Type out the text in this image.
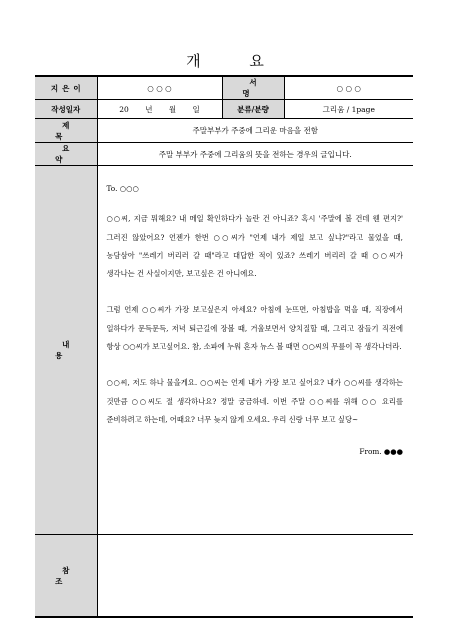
개 요
지은이	○ ○ ○	서 명	○ ○ ○
작성일자	20 년 월 일	분류/분량	그리움 / 1page
제 목	주말부부가 주중에 그리운 마음을 전함		
요 약	주말 부부가 주중에 그리움의 뜻을 전하는 경우의 글입니다.		
내 용	To. ○○○

○○씨, 지금 뭐해요? 내 메일 확인하다가 놀란 건 아니죠? 혹시 '주말에 볼 건데 웬 편지?' 그러진 않았어요? 언젠가 한번 ○○씨가 "언제 내가 제일 보고 싶냐?"라고 물었을 때, 농담삼아 "쓰레기 버리러 갈 때"라고 대답한 적이 있죠? 쓰레기 버리러 갈 때 ○○씨가 생각나는 건 사실이지만, 보고싶은 건 아니에요.

그럼 언제 ○○씨가 가장 보고싶은지 아세요? 아침에 눈뜨면, 아침밥을 먹을 때, 직장에서 일하다가 문득문득, 저녁 퇴근길에 장볼 때, 거울보면서 양치질할 때, 그리고 잠들기 직전에 항상 ○○씨가 보고싶어요. 참, 소파에 누워 혼자 뉴스 볼 때면 ○○씨의 무릎이 꼭 생각나더라.

○○씨, 저도 하나 물을게요. ○○씨는 언제 내가 가장 보고 싶어요? 내가 ○○씨를 생각하는 것만큼 ○○씨도 절 생각하나요? 정말 궁금하네. 이번 주말 ○○씨를 위해 ○○ 요리를 준비하려고 하는데, 어때요? 너무 늦지 않게 오세요. 우리 신랑 너무 보고 싶당~

From. ●●●		

참 조			
